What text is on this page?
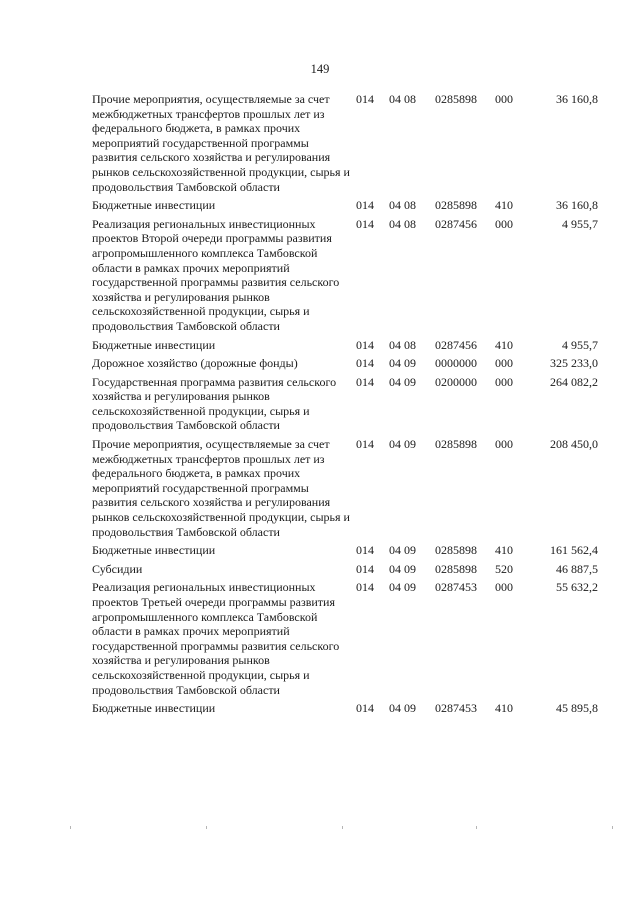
149
Прочие мероприятия, осуществляемые за счет межбюджетных трансфертов прошлых лет из федерального бюджета, в рамках прочих мероприятий государственной программы развития сельского хозяйства и регулирования рынков сельскохозяйственной продукции, сырья и продовольствия Тамбовской области	014	04 08	0285898	000	36 160,8
Бюджетные инвестиции	014	04 08	0285898	410	36 160,8
Реализация региональных инвестиционных проектов Второй очереди программы развития агропромышленного комплекса Тамбовской области в рамках прочих мероприятий государственной программы развития сельского хозяйства и регулирования рынков сельскохозяйственной продукции, сырья и продовольствия Тамбовской области	014	04 08	0287456	000	4 955,7
Бюджетные инвестиции	014	04 08	0287456	410	4 955,7
Дорожное хозяйство (дорожные фонды)	014	04 09	0000000	000	325 233,0
Государственная программа развития сельского хозяйства и регулирования рынков сельскохозяйственной продукции, сырья и продовольствия Тамбовской области	014	04 09	0200000	000	264 082,2
Прочие мероприятия, осуществляемые за счет межбюджетных трансфертов прошлых лет из федерального бюджета, в рамках прочих мероприятий государственной программы развития сельского хозяйства и регулирования рынков сельскохозяйственной продукции, сырья и продовольствия Тамбовской области	014	04 09	0285898	000	208 450,0
Бюджетные инвестиции	014	04 09	0285898	410	161 562,4
Субсидии	014	04 09	0285898	520	46 887,5
Реализация региональных инвестиционных проектов Третьей очереди программы развития агропромышленного комплекса Тамбовской области в рамках прочих мероприятий государственной программы развития сельского хозяйства и регулирования рынков сельскохозяйственной продукции, сырья и продовольствия Тамбовской области	014	04 09	0287453	000	55 632,2
Бюджетные инвестиции	014	04 09	0287453	410	45 895,8
